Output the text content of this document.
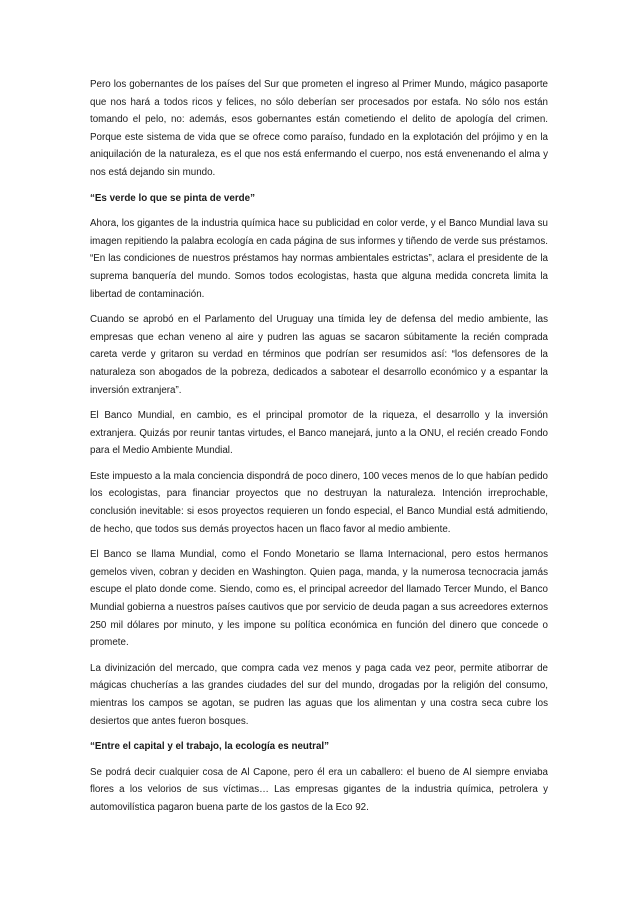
Pero los gobernantes de los países del Sur que prometen el ingreso al Primer Mundo, mágico pasaporte que nos hará a todos ricos y felices, no sólo deberían ser procesados por estafa. No sólo nos están tomando el pelo, no: además, esos gobernantes están cometiendo el delito de apología del crimen. Porque este sistema de vida que se ofrece como paraíso, fundado en la explotación del prójimo y en la aniquilación de la naturaleza, es el que nos está enfermando el cuerpo, nos está envenenando el alma y nos está dejando sin mundo.

“Es verde lo que se pinta de verde”

Ahora, los gigantes de la industria química hace su publicidad en color verde, y el Banco Mundial lava su imagen repitiendo la palabra ecología en cada página de sus informes y tiñendo de verde sus préstamos. “En las condiciones de nuestros préstamos hay normas ambientales estrictas”, aclara el presidente de la suprema banquería del mundo. Somos todos ecologistas, hasta que alguna medida concreta limita la libertad de contaminación.

Cuando se aprobó en el Parlamento del Uruguay una tímida ley de defensa del medio ambiente, las empresas que echan veneno al aire y pudren las aguas se sacaron súbitamente la recién comprada careta verde y gritaron su verdad en términos que podrían ser resumidos así: “los defensores de la naturaleza son abogados de la pobreza, dedicados a sabotear el desarrollo económico y a espantar la inversión extranjera”.

El Banco Mundial, en cambio, es el principal promotor de la riqueza, el desarrollo y la inversión extranjera. Quizás por reunir tantas virtudes, el Banco manejará, junto a la ONU, el recién creado Fondo para el Medio Ambiente Mundial.

Este impuesto a la mala conciencia dispondrá de poco dinero, 100 veces menos de lo que habían pedido los ecologistas, para financiar proyectos que no destruyan la naturaleza. Intención irreprochable, conclusión inevitable: si esos proyectos requieren un fondo especial, el Banco Mundial está admitiendo, de hecho, que todos sus demás proyectos hacen un flaco favor al medio ambiente.

El Banco se llama Mundial, como el Fondo Monetario se llama Internacional, pero estos hermanos gemelos viven, cobran y deciden en Washington. Quien paga, manda, y la numerosa tecnocracia jamás escupe el plato donde come. Siendo, como es, el principal acreedor del llamado Tercer Mundo, el Banco Mundial gobierna a nuestros países cautivos que por servicio de deuda pagan a sus acreedores externos 250 mil dólares por minuto, y les impone su política económica en función del dinero que concede o promete.

La divinización del mercado, que compra cada vez menos y paga cada vez peor, permite atiborrar de mágicas chucherías a las grandes ciudades del sur del mundo, drogadas por la religión del consumo, mientras los campos se agotan, se pudren las aguas que los alimentan y una costra seca cubre los desiertos que antes fueron bosques.

“Entre el capital y el trabajo, la ecología es neutral”

Se podrá decir cualquier cosa de Al Capone, pero él era un caballero: el bueno de Al siempre enviaba flores a los velorios de sus víctimas… Las empresas gigantes de la industria química, petrolera y automovilística pagaron buena parte de los gastos de la Eco 92.
